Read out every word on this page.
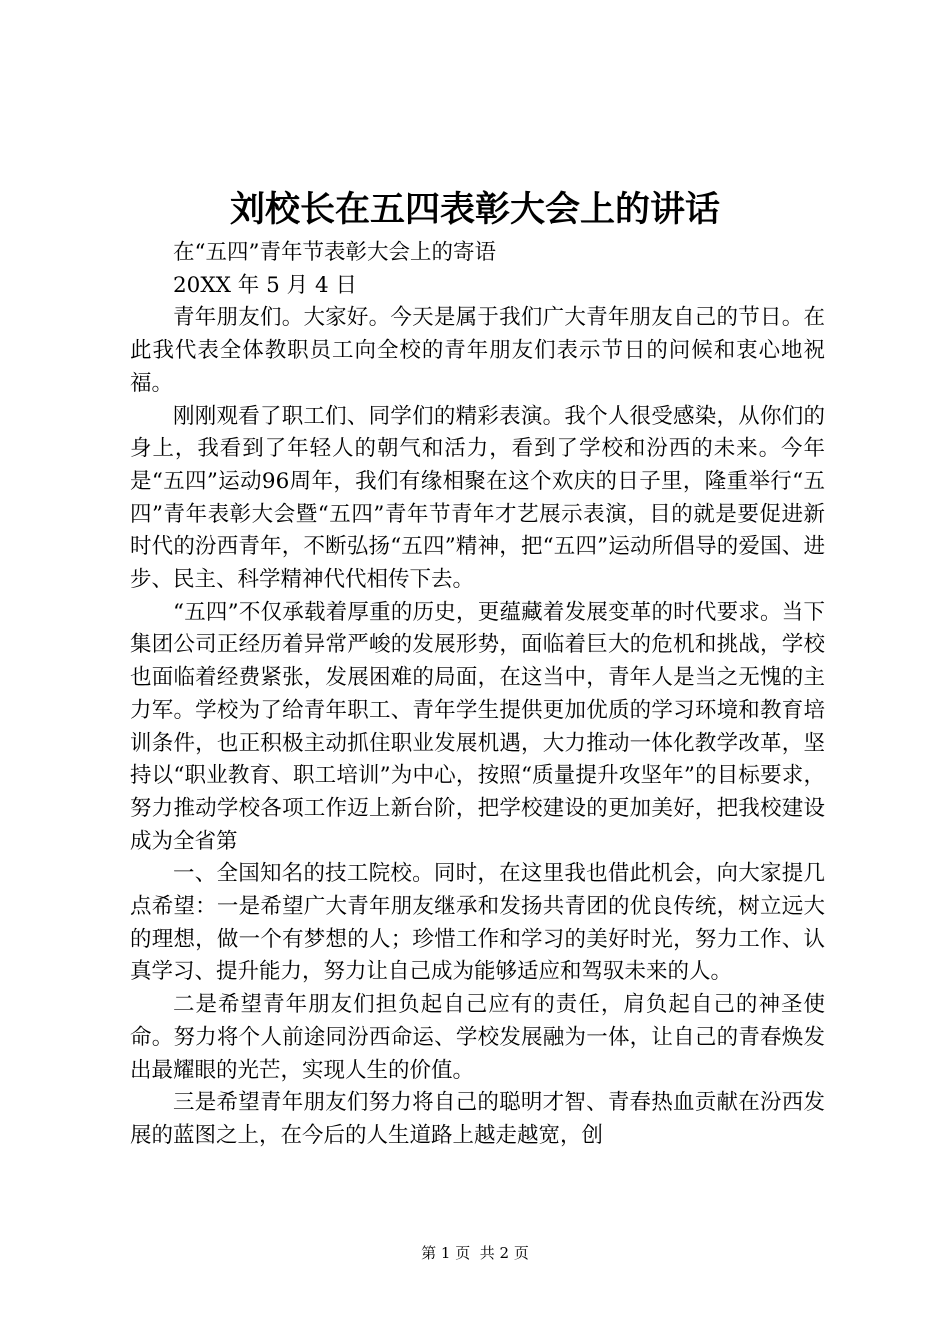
刘校长在五四表彰大会上的讲话

在“五四”青年节表彰大会上的寄语

20XX 年 5 月 4 日

青年朋友们。大家好。今天是属于我们广大青年朋友自己的节日。在此我代表全体教职员工向全校的青年朋友们表示节日的问候和衷心地祝福。

刚刚观看了职工们、同学们的精彩表演。我个人很受感染，从你们的身上，我看到了年轻人的朝气和活力，看到了学校和汾西的未来。今年是“五四”运动96周年，我们有缘相聚在这个欢庆的日子里，隆重举行“五四”青年表彰大会暨“五四”青年节青年才艺展示表演，目的就是要促进新时代的汾西青年，不断弘扬“五四”精神，把“五四”运动所倡导的爱国、进步、民主、科学精神代代相传下去。

“五四”不仅承载着厚重的历史，更蕴藏着发展变革的时代要求。当下集团公司正经历着异常严峻的发展形势，面临着巨大的危机和挑战，学校也面临着经费紧张，发展困难的局面，在这当中，青年人是当之无愧的主力军。学校为了给青年职工、青年学生提供更加优质的学习环境和教育培训条件，也正积极主动抓住职业发展机遇，大力推动一体化教学改革，坚持以“职业教育、职工培训”为中心，按照“质量提升攻坚年”的目标要求，努力推动学校各项工作迈上新台阶，把学校建设的更加美好，把我校建设成为全省第

一、全国知名的技工院校。同时，在这里我也借此机会，向大家提几点希望：一是希望广大青年朋友继承和发扬共青团的优良传统，树立远大的理想，做一个有梦想的人；珍惜工作和学习的美好时光，努力工作、认真学习、提升能力，努力让自己成为能够适应和驾驭未来的人。

二是希望青年朋友们担负起自己应有的责任，肩负起自己的神圣使命。努力将个人前途同汾西命运、学校发展融为一体，让自己的青春焕发出最耀眼的光芒，实现人生的价值。

三是希望青年朋友们努力将自己的聪明才智、青春热血贡献在汾西发展的蓝图之上，在今后的人生道路上越走越宽，创

第 1 页  共 2 页
